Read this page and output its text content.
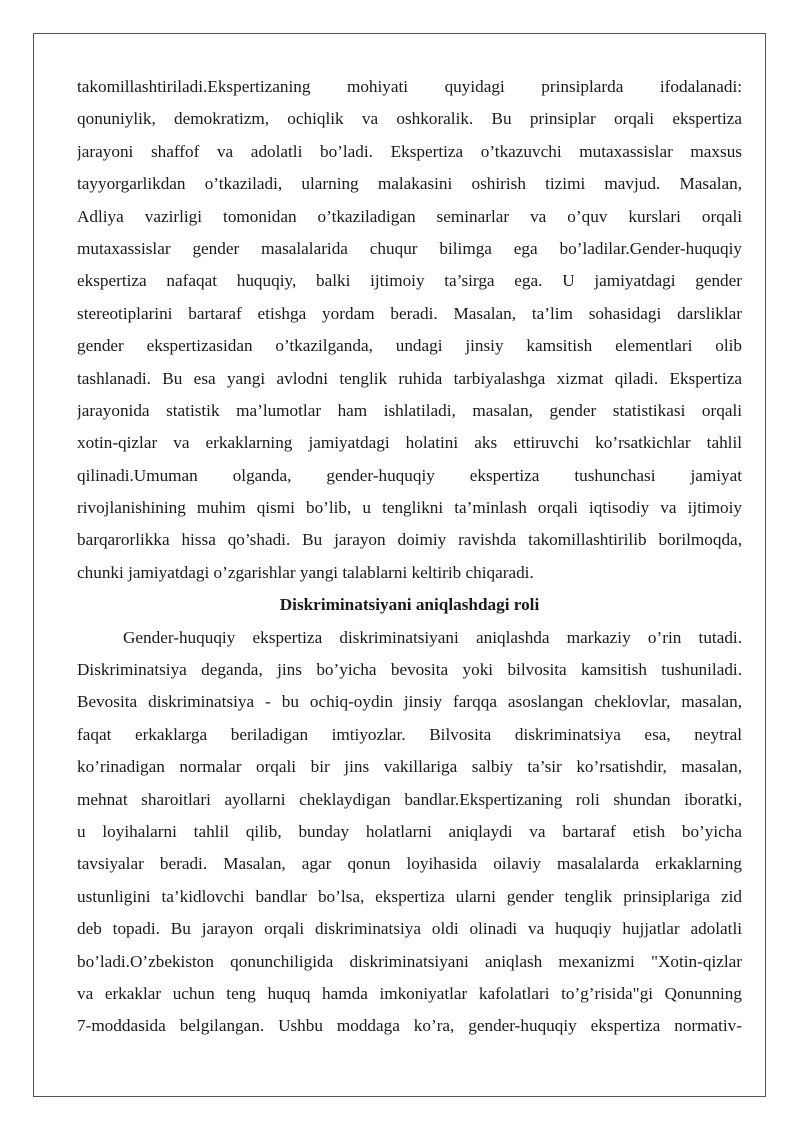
takomillashtiriladi.Ekspertizaning mohiyati quyidagi prinsiplarda ifodalanadi:
qonuniylik, demokratizm, ochiqlik va oshkoralik. Bu prinsiplar orqali ekspertiza
jarayoni shaffof va adolatli bo’ladi. Ekspertiza o’tkazuvchi mutaxassislar maxsus
tayyorgarlikdan o’tkaziladi, ularning malakasini oshirish tizimi mavjud. Masalan,
Adliya vazirligi tomonidan o’tkaziladigan seminarlar va o’quv kurslari orqali
mutaxassislar gender masalalarida chuqur bilimga ega bo’ladilar.Gender-huquqiy
ekspertiza nafaqat huquqiy, balki ijtimoiy ta’sirga ega. U jamiyatdagi gender
stereotiplarini bartaraf etishga yordam beradi. Masalan, ta’lim sohasidagi darsliklar
gender ekspertizasidan o’tkazilganda, undagi jinsiy kamsitish elementlari olib
tashlanadi. Bu esa yangi avlodni tenglik ruhida tarbiyalashga xizmat qiladi. Ekspertiza
jarayonida statistik ma’lumotlar ham ishlatiladi, masalan, gender statistikasi orqali
xotin-qizlar va erkaklarning jamiyatdagi holatini aks ettiruvchi ko’rsatkichlar tahlil
qilinadi.Umuman olganda, gender-huquqiy ekspertiza tushunchasi jamiyat
rivojlanishining muhim qismi bo’lib, u tenglikni ta’minlash orqali iqtisodiy va ijtimoiy
barqarorlikka hissa qo’shadi. Bu jarayon doimiy ravishda takomillashtirilib borilmoqda,
chunki jamiyatdagi o’zgarishlar yangi talablarni keltirib chiqaradi.
Diskriminatsiyani aniqlashdagi roli
Gender-huquqiy ekspertiza diskriminatsiyani aniqlashda markaziy o’rin tutadi.
Diskriminatsiya deganda, jins bo’yicha bevosita yoki bilvosita kamsitish tushuniladi.
Bevosita diskriminatsiya - bu ochiq-oydin jinsiy farqqa asoslangan cheklovlar, masalan,
faqat erkaklarga beriladigan imtiyozlar. Bilvosita diskriminatsiya esa, neytral
ko’rinadigan normalar orqali bir jins vakillariga salbiy ta’sir ko’rsatishdir, masalan,
mehnat sharoitlari ayollarni cheklaydigan bandlar.Ekspertizaning roli shundan iboratki,
u loyihalarni tahlil qilib, bunday holatlarni aniqlaydi va bartaraf etish bo’yicha
tavsiyalar beradi. Masalan, agar qonun loyihasida oilaviy masalalarda erkaklarning
ustunligini ta’kidlovchi bandlar bo’lsa, ekspertiza ularni gender tenglik prinsiplariga zid
deb topadi. Bu jarayon orqali diskriminatsiya oldi olinadi va huquqiy hujjatlar adolatli
bo’ladi.O’zbekiston qonunchiligida diskriminatsiyani aniqlash mexanizmi "Xotin-qizlar
va erkaklar uchun teng huquq hamda imkoniyatlar kafolatlari to’g’risida"gi Qonunning
7-moddasida belgilangan. Ushbu moddaga ko’ra, gender-huquqiy ekspertiza normativ-
